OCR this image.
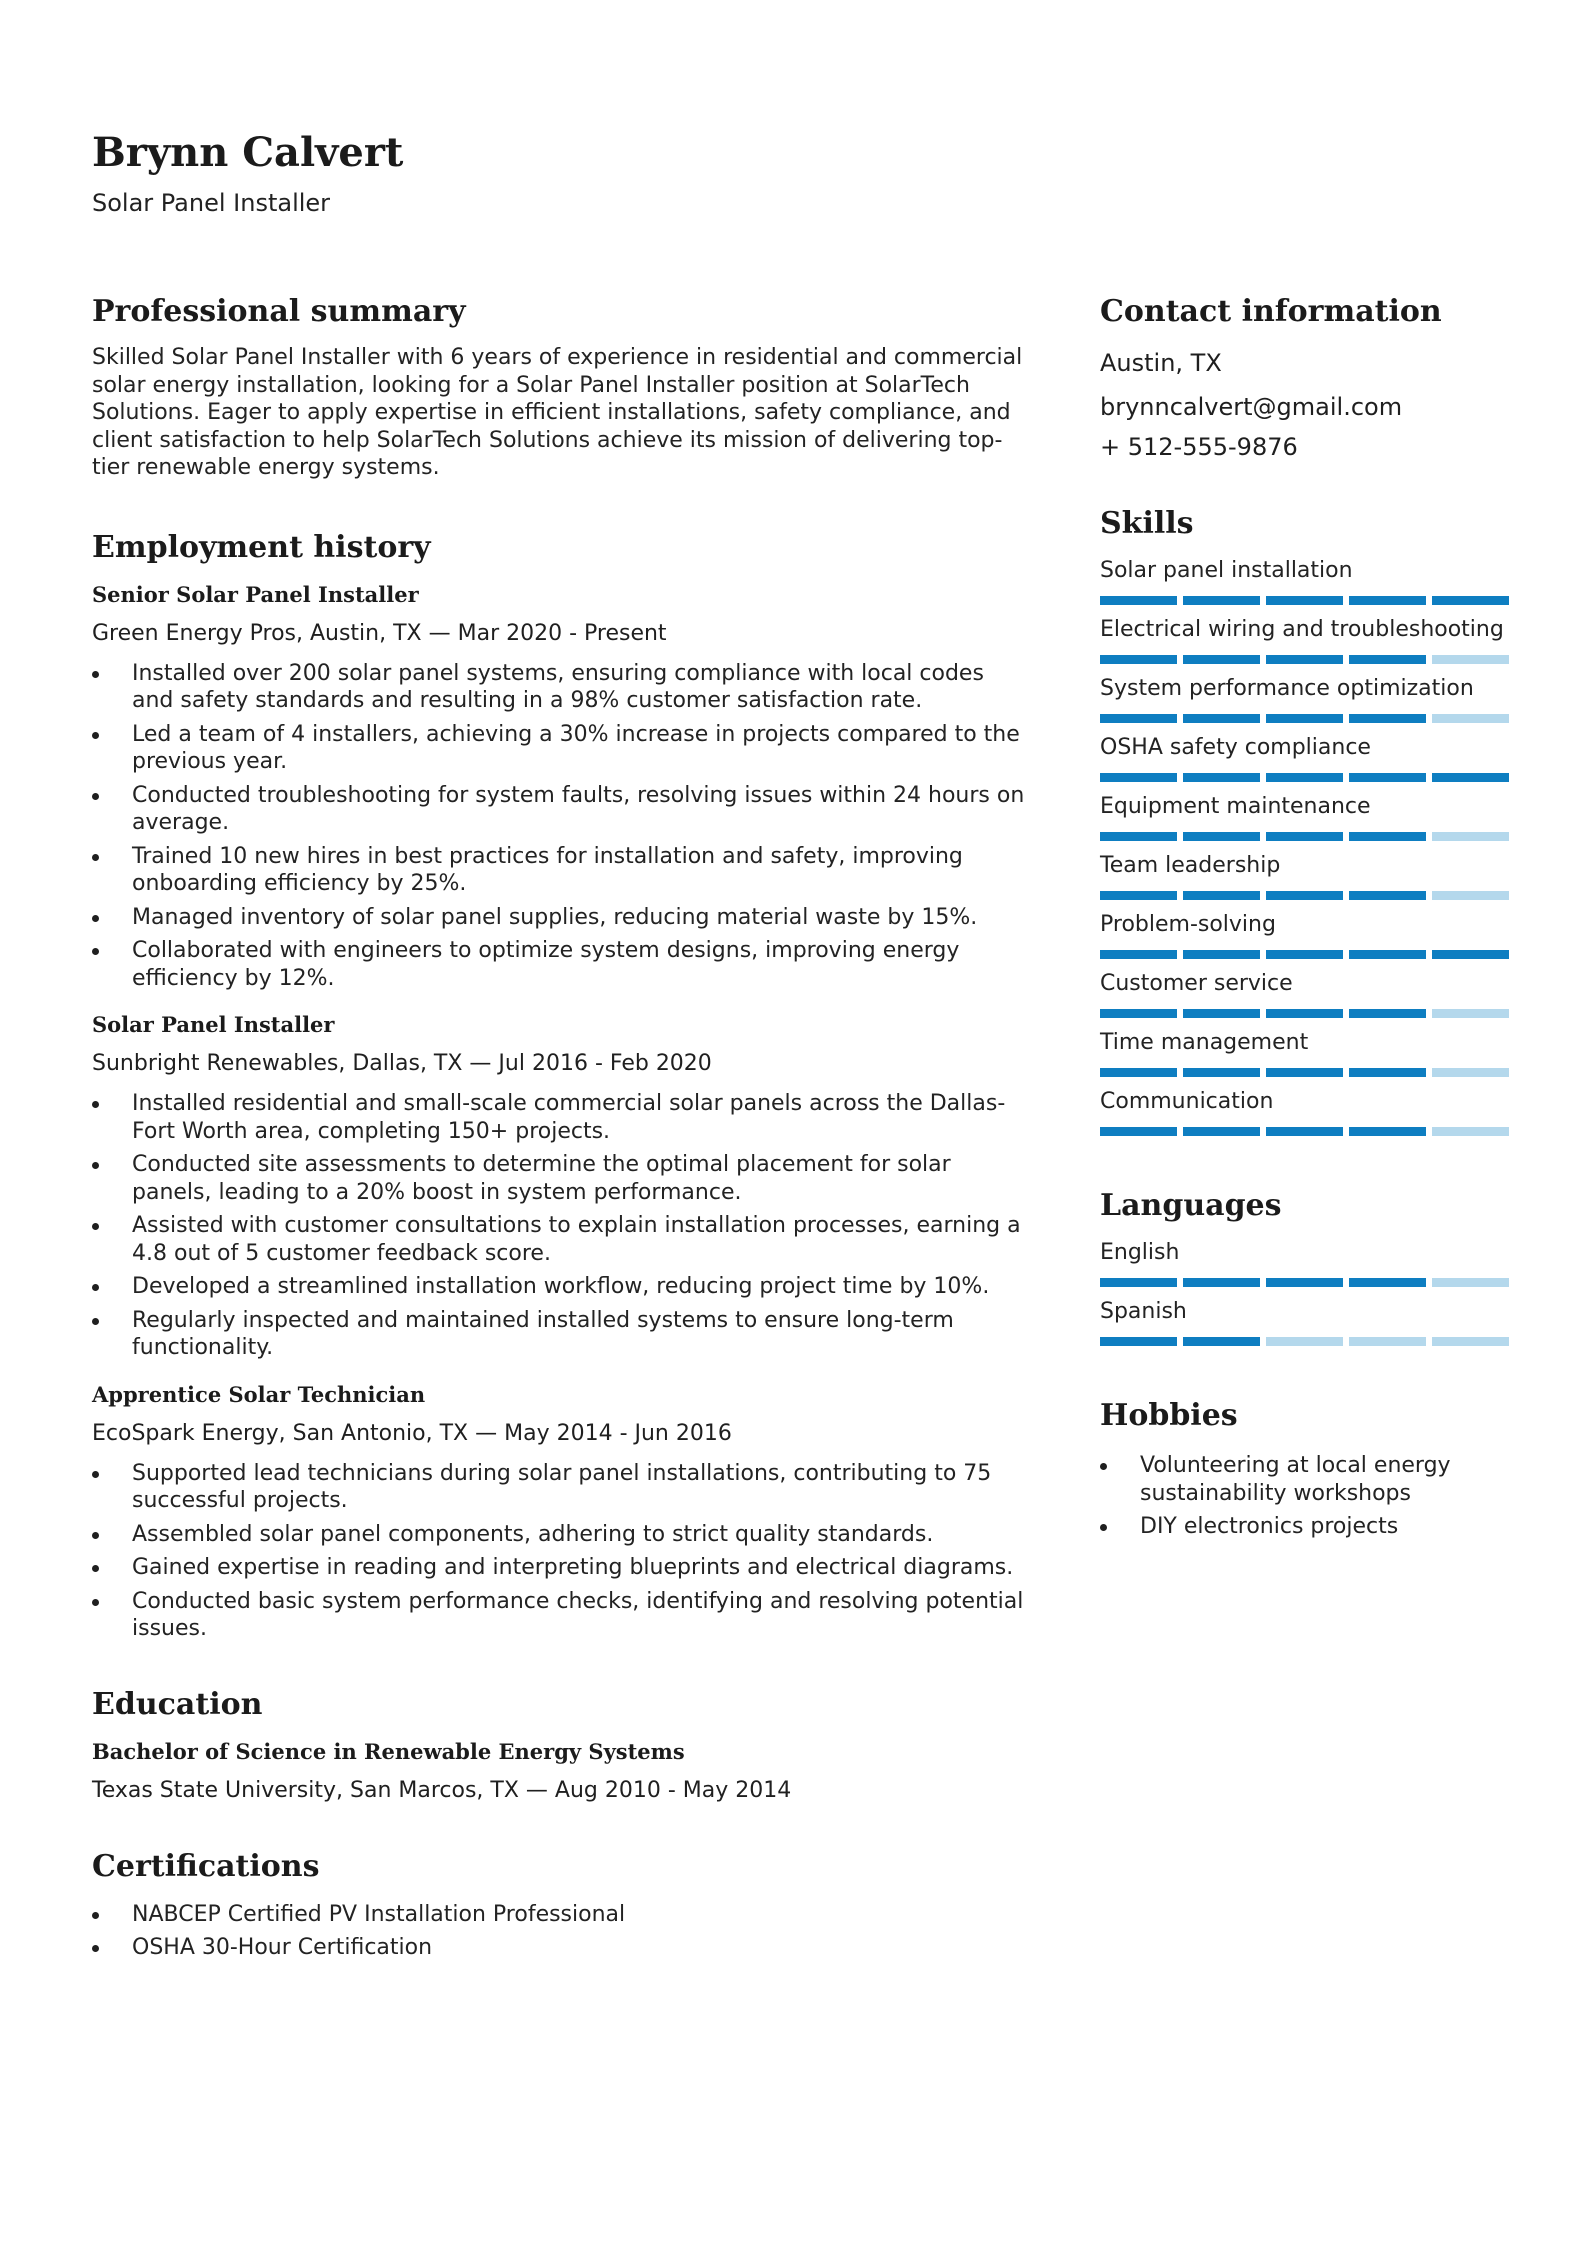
Brynn Calvert
Solar Panel Installer
Professional summary

Skilled Solar Panel Installer with 6 years of experience in residential and commercial solar energy installation, looking for a Solar Panel Installer position at SolarTech Solutions. Eager to apply expertise in efficient installations, safety compliance, and client satisfaction to help SolarTech Solutions achieve its mission of delivering top-tier renewable energy systems.

Employment history
Senior Solar Panel Installer
Green Energy Pros, Austin, TX — Mar 2020 - Present
Installed over 200 solar panel systems, ensuring compliance with local codes and safety standards and resulting in a 98% customer satisfaction rate.
Led a team of 4 installers, achieving a 30% increase in projects compared to the previous year.
Conducted troubleshooting for system faults, resolving issues within 24 hours on average.
Trained 10 new hires in best practices for installation and safety, improving onboarding efficiency by 25%.
Managed inventory of solar panel supplies, reducing material waste by 15%.
Collaborated with engineers to optimize system designs, improving energy efficiency by 12%.
Solar Panel Installer
Sunbright Renewables, Dallas, TX — Jul 2016 - Feb 2020
Installed residential and small-scale commercial solar panels across the Dallas-Fort Worth area, completing 150+ projects.
Conducted site assessments to determine the optimal placement for solar panels, leading to a 20% boost in system performance.
Assisted with customer consultations to explain installation processes, earning a 4.8 out of 5 customer feedback score.
Developed a streamlined installation workflow, reducing project time by 10%.
Regularly inspected and maintained installed systems to ensure long-term functionality.
Apprentice Solar Technician
EcoSpark Energy, San Antonio, TX — May 2014 - Jun 2016
Supported lead technicians during solar panel installations, contributing to 75 successful projects.
Assembled solar panel components, adhering to strict quality standards.
Gained expertise in reading and interpreting blueprints and electrical diagrams.
Conducted basic system performance checks, identifying and resolving potential issues.
Education
Bachelor of Science in Renewable Energy Systems
Texas State University, San Marcos, TX — Aug 2010 - May 2014
Certifications
NABCEP Certified PV Installation Professional
OSHA 30-Hour Certification
Contact information
Austin, TX
brynncalvert@gmail.com
+ 512-555-9876
Skills
Solar panel installation
Electrical wiring and troubleshooting
System performance optimization
OSHA safety compliance
Equipment maintenance
Team leadership
Problem-solving
Customer service
Time management
Communication
Languages
English
Spanish
Hobbies
Volunteering at local energy sustainability workshops
DIY electronics projects
